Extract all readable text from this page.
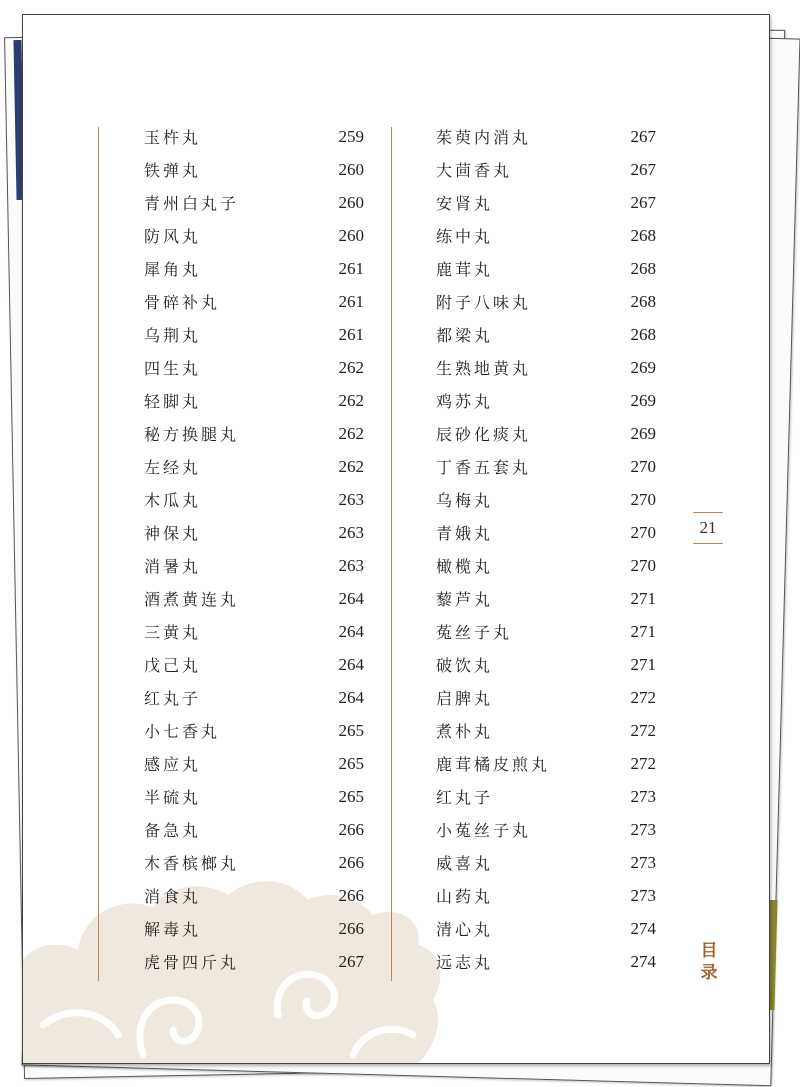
玉杵丸	259
铁弹丸	260
青州白丸子	260
防风丸	260
犀角丸	261
骨碎补丸	261
乌荆丸	261
四生丸	262
轻脚丸	262
秘方换腿丸	262
左经丸	262
木瓜丸	263
神保丸	263
消暑丸	263
酒煮黄连丸	264
三黄丸	264
戊己丸	264
红丸子	264
小七香丸	265
感应丸	265
半硫丸	265
备急丸	266
木香槟榔丸	266
消食丸	266
解毒丸	266
虎骨四斤丸	267
茱萸内消丸	267
大茴香丸	267
安肾丸	267
练中丸	268
鹿茸丸	268
附子八味丸	268
都梁丸	268
生熟地黄丸	269
鸡苏丸	269
辰砂化痰丸	269
丁香五套丸	270
乌梅丸	270
青娥丸	270
橄榄丸	270
藜芦丸	271
菟丝子丸	271
破饮丸	271
启脾丸	272
煮朴丸	272
鹿茸橘皮煎丸	272
红丸子	273
小菟丝子丸	273
威喜丸	273
山药丸	273
清心丸	274
远志丸	274
21
目
录
